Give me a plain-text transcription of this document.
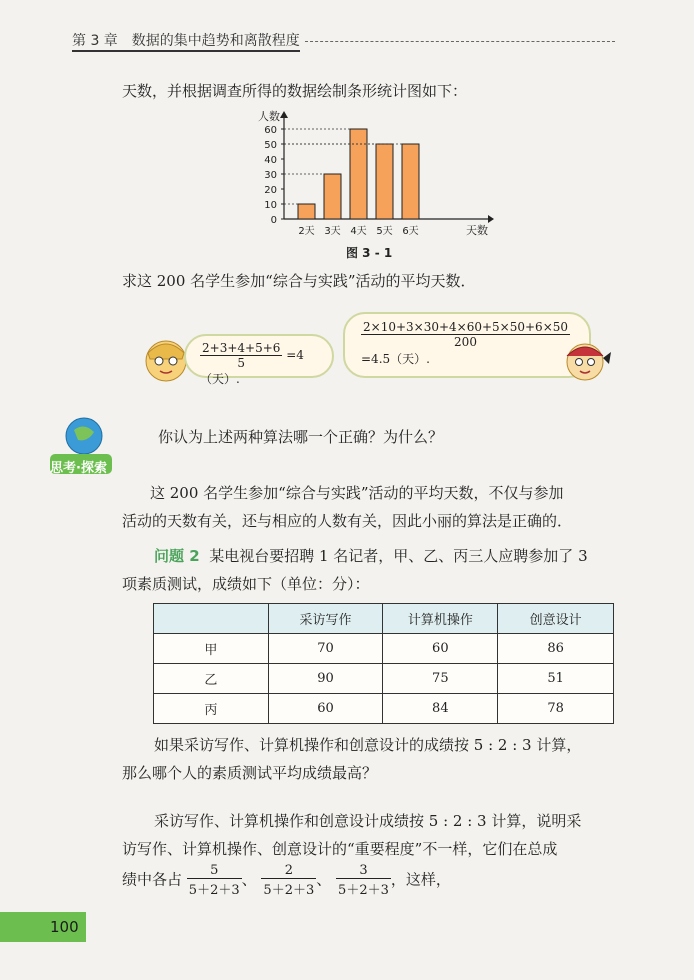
第 3 章　数据的集中趋势和离散程度
天数，并根据调查所得的数据绘制条形统计图如下：
0
10
20
30
40
50
60
人数
2天 3天 4天 5天 6天	天数
图 3 - 1
求这 200 名学生参加“综合与实践”活动的平均天数．
$\frac{2+3+4+5+6}{5} =4$（天）.
$\frac{2\times 10+3\times 30+4\times 60+5\times 50+6\times 50}{200}$
=4.5（天）.
思考·探索
你认为上述两种算法哪一个正确？为什么？
这 200 名学生参加“综合与实践”活动的平均天数，不仅与参加
活动的天数有关，还与相应的人数有关，因此小丽的算法是正确的．
问题 2 某电视台要招聘 1 名记者，甲、乙、丙三人应聘参加了 3
项素质测试，成绩如下（单位：分）：
	采访写作	计算机操作	创意设计
甲	70	60	86
乙	90	75	51
丙	60	84	78
如果采访写作、计算机操作和创意设计的成绩按 5 : 2 : 3 计算，
那么哪个人的素质测试平均成绩最高？
采访写作、计算机操作和创意设计成绩按 5 : 2 : 3 计算，说明采
访写作、计算机操作、创意设计的“重要程度”不一样，它们在总成
绩中各占 $\frac{5}{5+2+3}$ 、 $\frac{2}{5+2+3}$ 、 $\frac{3}{5+2+3}$ ，这样，
100
